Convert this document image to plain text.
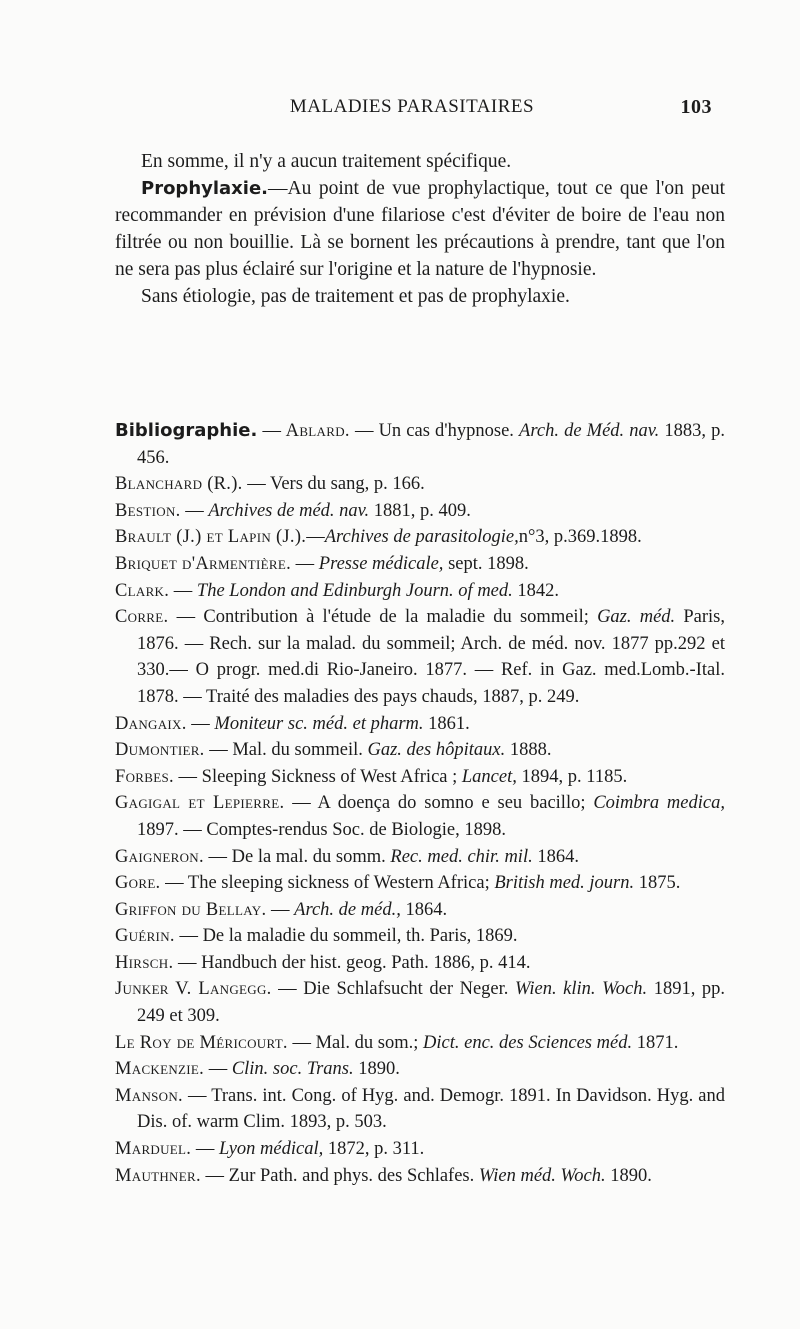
MALADIES PARASITAIRES	103

En somme, il n'y a aucun traitement spécifique.

Prophylaxie.—Au point de vue prophylactique, tout ce que l'on peut recommander en prévision d'une filariose c'est d'éviter de boire de l'eau non filtrée ou non bouillie. Là se bornent les précautions à prendre, tant que l'on ne sera pas plus éclairé sur l'origine et la nature de l'hypnosie.

Sans étiologie, pas de traitement et pas de prophylaxie.

Bibliographie. — Ablard. — Un cas d'hypnose. Arch. de Méd. nav. 1883, p. 456.

Blanchard (R.). — Vers du sang, p. 166.

Bestion. — Archives de méd. nav. 1881, p. 409.

Brault (J.) et Lapin (J.).—Archives de parasitologie,n°3, p.369.1898.

Briquet d'Armentière. — Presse médicale, sept. 1898.

Clark. — The London and Edinburgh Journ. of med. 1842.

Corre. — Contribution à l'étude de la maladie du sommeil; Gaz. méd. Paris, 1876. — Rech. sur la malad. du sommeil; Arch. de méd. nov. 1877 pp.292 et 330.— O progr. med.di Rio-Janeiro. 1877. — Ref. in Gaz. med.Lomb.-Ital. 1878. — Traité des maladies des pays chauds, 1887, p. 249.

Dangaix. — Moniteur sc. méd. et pharm. 1861.

Dumontier. — Mal. du sommeil. Gaz. des hôpitaux. 1888.

Forbes. — Sleeping Sickness of West Africa ; Lancet, 1894, p. 1185.

Gagigal et Lepierre. — A doença do somno e seu bacillo; Coimbra medica, 1897. — Comptes-rendus Soc. de Biologie, 1898.

Gaigneron. — De la mal. du somm. Rec. med. chir. mil. 1864.

Gore. — The sleeping sickness of Western Africa; British med. journ. 1875.

Griffon du Bellay. — Arch. de méd., 1864.

Guérin. — De la maladie du sommeil, th. Paris, 1869.

Hirsch. — Handbuch der hist. geog. Path. 1886, p. 414.

Junker V. Langegg. — Die Schlafsucht der Neger. Wien. klin. Woch. 1891, pp. 249 et 309.

Le Roy de Méricourt. — Mal. du som.; Dict. enc. des Sciences méd. 1871.

Mackenzie. — Clin. soc. Trans. 1890.

Manson. — Trans. int. Cong. of Hyg. and. Demogr. 1891. In Davidson. Hyg. and Dis. of. warm Clim. 1893, p. 503.

Marduel. — Lyon médical, 1872, p. 311.

Mauthner. — Zur Path. and phys. des Schlafes. Wien méd. Woch. 1890.
